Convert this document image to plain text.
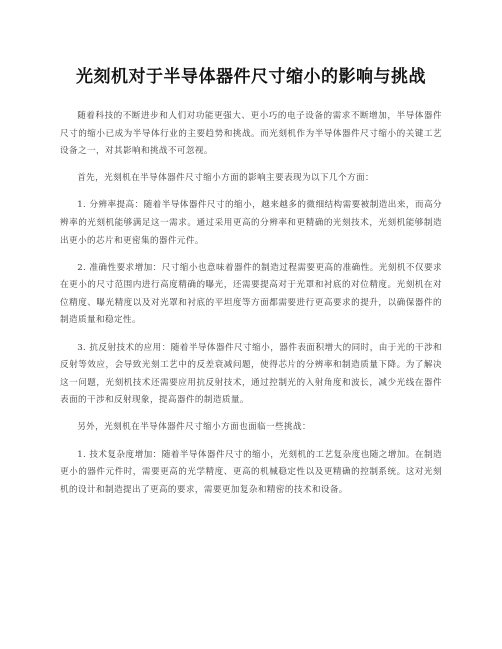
光刻机对于半导体器件尺寸缩小的影响与挑战

随着科技的不断进步和人们对功能更强大、更小巧的电子设备的需求不断增加，半导体器件尺寸的缩小已成为半导体行业的主要趋势和挑战。而光刻机作为半导体器件尺寸缩小的关键工艺设备之一，对其影响和挑战不可忽视。

首先，光刻机在半导体器件尺寸缩小方面的影响主要表现为以下几个方面：

1. 分辨率提高：随着半导体器件尺寸的缩小，越来越多的微细结构需要被制造出来，而高分辨率的光刻机能够满足这一需求。通过采用更高的分辨率和更精确的光刻技术，光刻机能够制造出更小的芯片和更密集的器件元件。

2. 准确性要求增加：尺寸缩小也意味着器件的制造过程需要更高的准确性。光刻机不仅要求在更小的尺寸范围内进行高度精确的曝光，还需要提高对于光罩和衬底的对位精度。光刻机在对位精度、曝光精度以及对光罩和衬底的平坦度等方面都需要进行更高要求的提升，以确保器件的制造质量和稳定性。

3. 抗反射技术的应用：随着半导体器件尺寸缩小，器件表面积增大的同时，由于光的干涉和反射等效应，会导致光刻工艺中的反差衰减问题，使得芯片的分辨率和制造质量下降。为了解决这一问题，光刻机技术还需要应用抗反射技术，通过控制光的入射角度和波长，减少光线在器件表面的干涉和反射现象，提高器件的制造质量。

另外，光刻机在半导体器件尺寸缩小方面也面临一些挑战：

1. 技术复杂度增加：随着半导体器件尺寸的缩小，光刻机的工艺复杂度也随之增加。在制造更小的器件元件时，需要更高的光学精度、更高的机械稳定性以及更精确的控制系统。这对光刻机的设计和制造提出了更高的要求，需要更加复杂和精密的技术和设备。
